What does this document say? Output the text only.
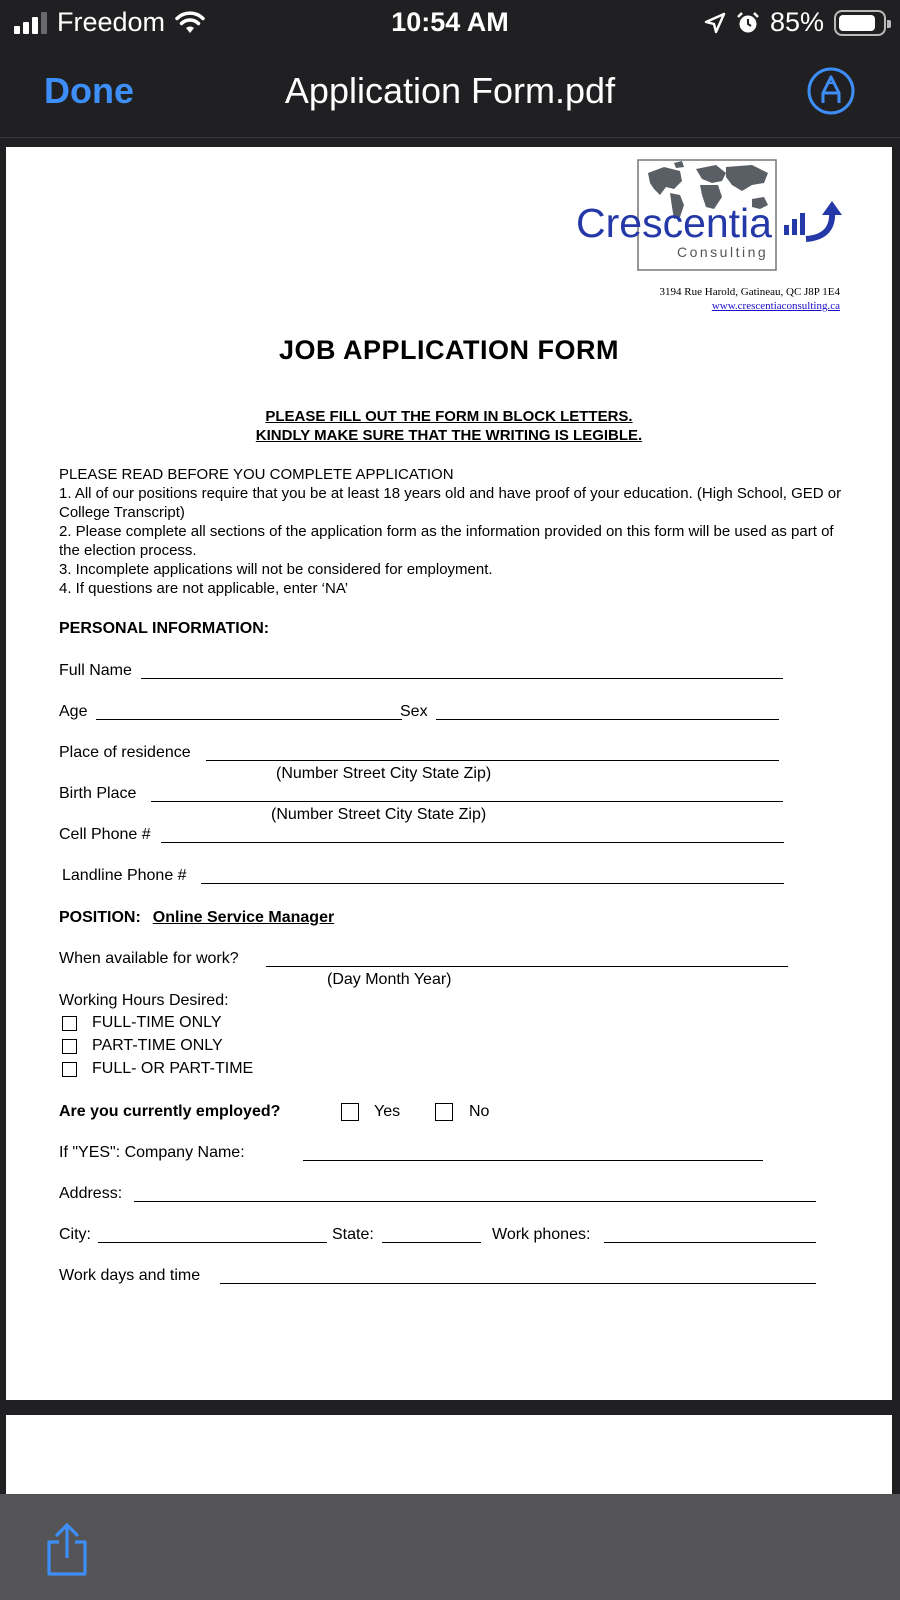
Freedom	10:54 AM	85%
Done	Application Form.pdf
Crescentia
Consulting
3194 Rue Harold, Gatineau, QC J8P 1E4
www.crescentiaconsulting.ca
JOB APPLICATION FORM
PLEASE FILL OUT THE FORM IN BLOCK LETTERS.
KINDLY MAKE SURE THAT THE WRITING IS LEGIBLE.
PLEASE READ BEFORE YOU COMPLETE APPLICATION
1. All of our positions require that you be at least 18 years old and have proof of your education. (High School, GED or College Transcript)
2. Please complete all sections of the application form as the information provided on this form will be used as part of the election process.
3. Incomplete applications will not be considered for employment.
4. If questions are not applicable, enter ‘NA’
PERSONAL INFORMATION:
Full Name
Age	Sex
Place of residence
(Number Street City State Zip)
Birth Place
(Number Street City State Zip)
Cell Phone #
Landline Phone #
POSITION: Online Service Manager
When available for work?
(Day Month Year)
Working Hours Desired:
FULL-TIME ONLY
PART-TIME ONLY
FULL- OR PART-TIME
Are you currently employed?	Yes	No
If "YES": Company Name:
Address:
City:	State:	Work phones:
Work days and time
